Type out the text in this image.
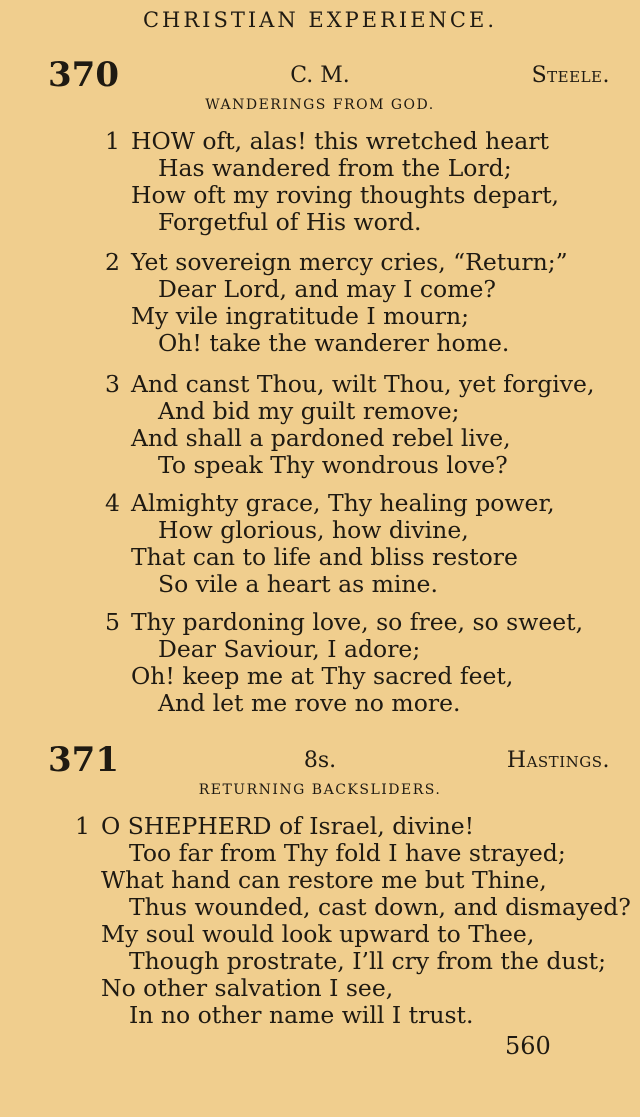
CHRISTIAN EXPERIENCE.
370	C. M.	Steele.
WANDERINGS FROM GOD.
1 HOW oft, alas! this wretched heart
Has wandered from the Lord;
How oft my roving thoughts depart,
Forgetful of His word.
2 Yet sovereign mercy cries, “Return;”
Dear Lord, and may I come?
My vile ingratitude I mourn;
Oh! take the wanderer home.
3 And canst Thou, wilt Thou, yet forgive,
And bid my guilt remove;
And shall a pardoned rebel live,
To speak Thy wondrous love?
4 Almighty grace, Thy healing power,
How glorious, how divine,
That can to life and bliss restore
So vile a heart as mine.
5 Thy pardoning love, so free, so sweet,
Dear Saviour, I adore;
Oh! keep me at Thy sacred feet,
And let me rove no more.
371	8s.	Hastings.
RETURNING BACKSLIDERS.
1 O SHEPHERD of Israel, divine!
Too far from Thy fold I have strayed;
What hand can restore me but Thine,
Thus wounded, cast down, and dismayed?
My soul would look upward to Thee,
Though prostrate, I’ll cry from the dust;
No other salvation I see,
In no other name will I trust.
560
